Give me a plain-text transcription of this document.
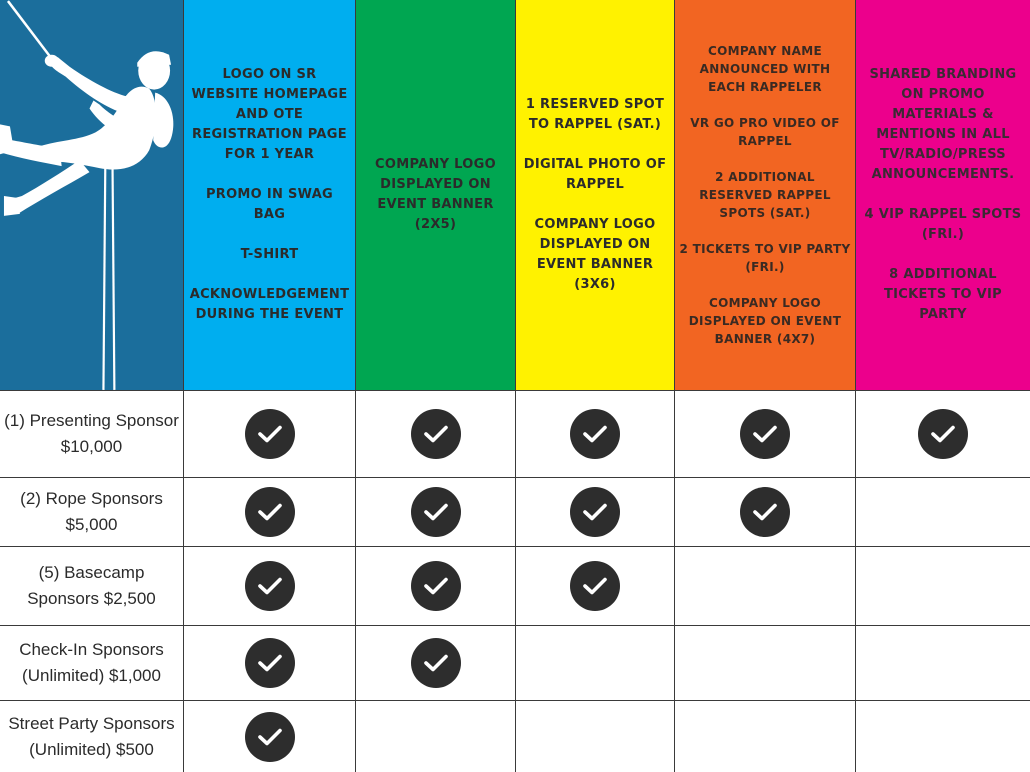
LOGO ON SR WEBSITE HOMEPAGE AND OTE REGISTRATION PAGE FOR 1 YEAR
PROMO IN SWAG BAG
T-SHIRT
ACKNOWLEDGEMENT DURING THE EVENT
COMPANY LOGO DISPLAYED ON EVENT BANNER (2X5)
1 RESERVED SPOT TO RAPPEL (SAT.)
DIGITAL PHOTO OF RAPPEL
COMPANY LOGO DISPLAYED ON EVENT BANNER (3X6)
COMPANY NAME ANNOUNCED WITH EACH RAPPELER
VR GO PRO VIDEO OF RAPPEL
2 ADDITIONAL RESERVED RAPPEL SPOTS (SAT.)
2 TICKETS TO VIP PARTY (FRI.)
COMPANY LOGO DISPLAYED ON EVENT BANNER (4X7)
SHARED BRANDING ON PROMO MATERIALS & MENTIONS IN ALL TV/RADIO/PRESS ANNOUNCEMENTS.
4 VIP RAPPEL SPOTS (FRI.)
8 ADDITIONAL TICKETS TO VIP PARTY
(1) Presenting Sponsor
$10,000
(2) Rope Sponsors
$5,000
(5) Basecamp
Sponsors $2,500
Check-In Sponsors
(Unlimited) $1,000
Street Party Sponsors
(Unlimited) $500
